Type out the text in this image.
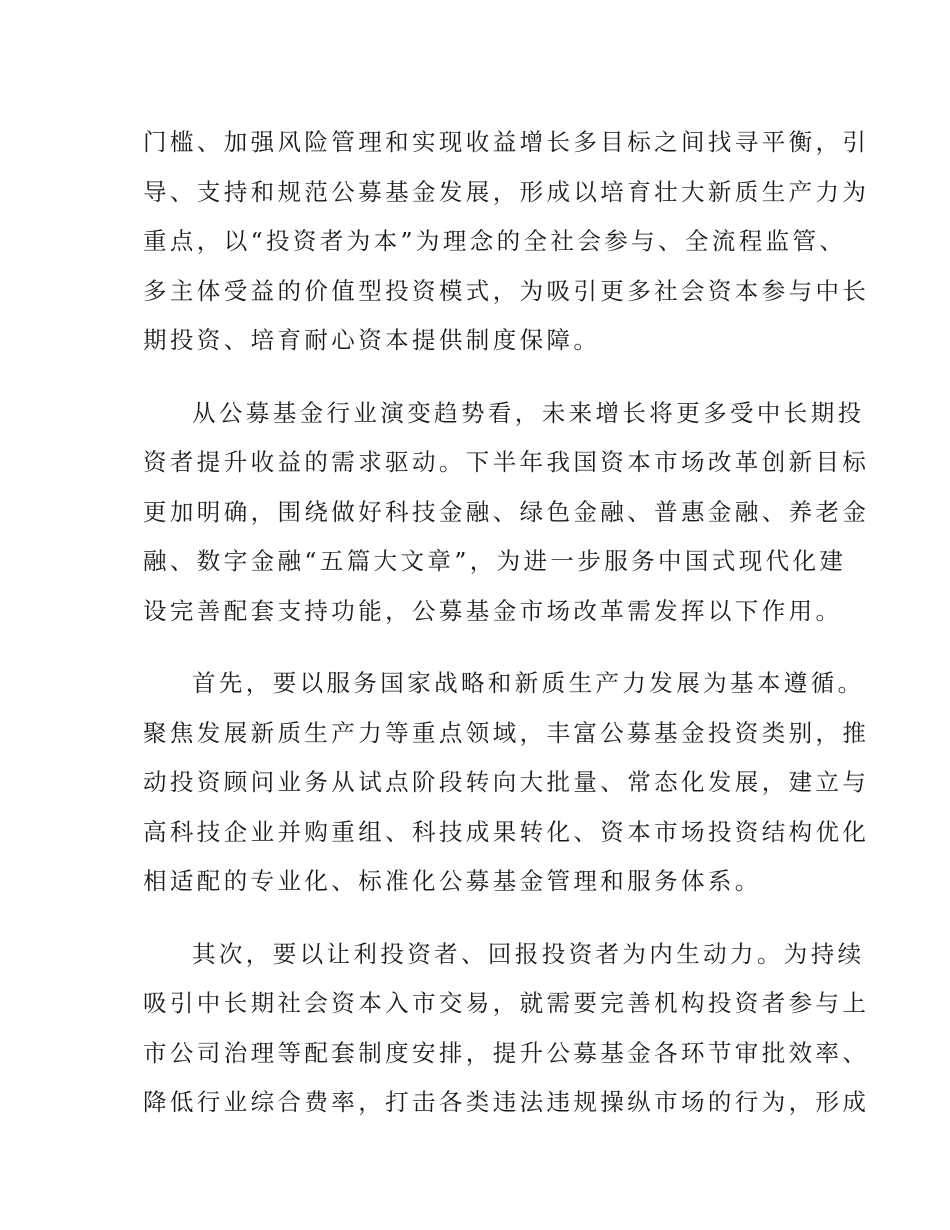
门槛、加强风险管理和实现收益增长多目标之间找寻平衡，引
导、支持和规范公募基金发展，形成以培育壮大新质生产力为
重点，以“投资者为本”为理念的全社会参与、全流程监管、
多主体受益的价值型投资模式，为吸引更多社会资本参与中长
期投资、培育耐心资本提供制度保障。
从公募基金行业演变趋势看，未来增长将更多受中长期投
资者提升收益的需求驱动。下半年我国资本市场改革创新目标
更加明确，围绕做好科技金融、绿色金融、普惠金融、养老金
融、数字金融“五篇大文章”，为进一步服务中国式现代化建
设完善配套支持功能，公募基金市场改革需发挥以下作用。
首先，要以服务国家战略和新质生产力发展为基本遵循。
聚焦发展新质生产力等重点领域，丰富公募基金投资类别，推
动投资顾问业务从试点阶段转向大批量、常态化发展，建立与
高科技企业并购重组、科技成果转化、资本市场投资结构优化
相适配的专业化、标准化公募基金管理和服务体系。
其次，要以让利投资者、回报投资者为内生动力。为持续
吸引中长期社会资本入市交易，就需要完善机构投资者参与上
市公司治理等配套制度安排，提升公募基金各环节审批效率、
降低行业综合费率，打击各类违法违规操纵市场的行为，形成
